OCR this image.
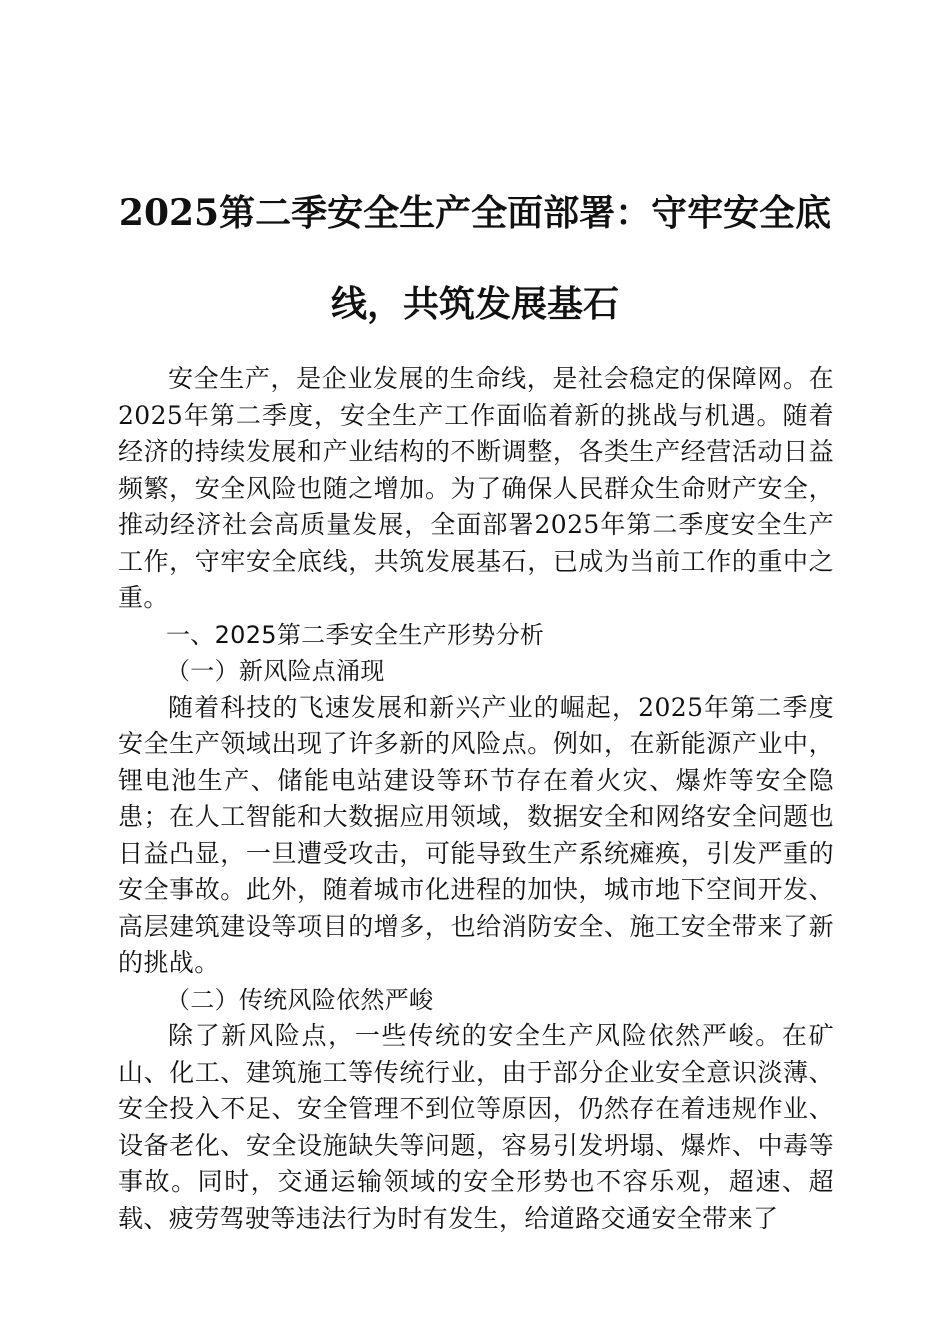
2025第二季安全生产全面部署：守牢安全底线，共筑发展基石

安全生产，是企业发展的生命线，是社会稳定的保障网。在2025年第二季度，安全生产工作面临着新的挑战与机遇。随着经济的持续发展和产业结构的不断调整，各类生产经营活动日益频繁，安全风险也随之增加。为了确保人民群众生命财产安全，推动经济社会高质量发展，全面部署2025年第二季度安全生产工作，守牢安全底线，共筑发展基石，已成为当前工作的重中之重。

一、2025第二季安全生产形势分析

（一）新风险点涌现

随着科技的飞速发展和新兴产业的崛起，2025年第二季度安全生产领域出现了许多新的风险点。例如，在新能源产业中，锂电池生产、储能电站建设等环节存在着火灾、爆炸等安全隐患；在人工智能和大数据应用领域，数据安全和网络安全问题也日益凸显，一旦遭受攻击，可能导致生产系统瘫痪，引发严重的安全事故。此外，随着城市化进程的加快，城市地下空间开发、高层建筑建设等项目的增多，也给消防安全、施工安全带来了新的挑战。

（二）传统风险依然严峻

除了新风险点，一些传统的安全生产风险依然严峻。在矿山、化工、建筑施工等传统行业，由于部分企业安全意识淡薄、安全投入不足、安全管理不到位等原因，仍然存在着违规作业、设备老化、安全设施缺失等问题，容易引发坍塌、爆炸、中毒等事故。同时，交通运输领域的安全形势也不容乐观，超速、超载、疲劳驾驶等违法行为时有发生，给道路交通安全带来了
